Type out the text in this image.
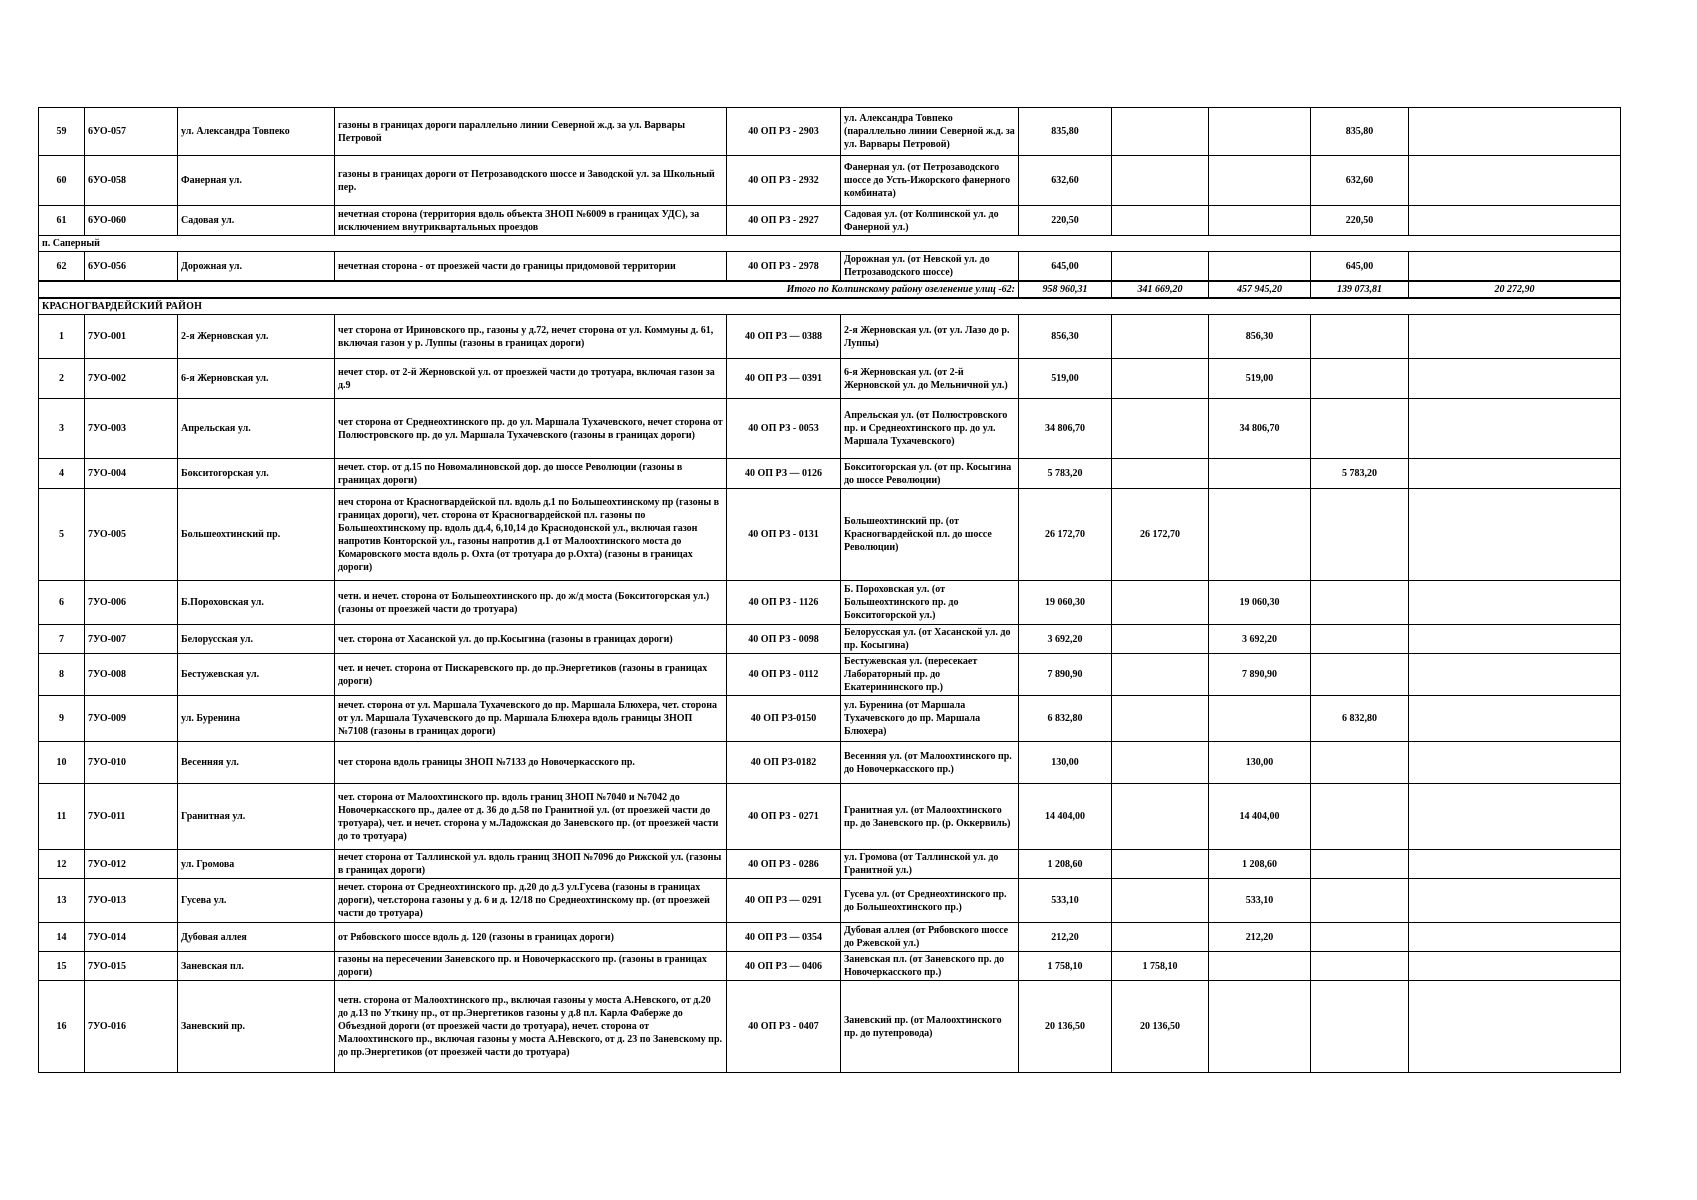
59	6УО-057	ул. Александра Товпеко	газоны в границах дороги параллельно линии Северной ж.д. за ул. Варвары Петровой	40 ОП РЗ - 2903	ул. Александра Товпеко (параллельно линии Северной ж.д. за ул. Варвары Петровой)	835,80			835,80	
60	6УО-058	Фанерная ул.	газоны в границах дороги от Петрозаводского шоссе и Заводской ул. за Школьный пер.	40 ОП РЗ - 2932	Фанерная ул. (от Петрозаводского шоссе до Усть-Ижорского фанерного комбината)	632,60			632,60	
61	6УО-060	Садовая ул.	нечетная сторона (территория вдоль объекта ЗНОП №6009 в границах УДС), за исключением внутриквартальных проездов	40 ОП РЗ - 2927	Садовая ул. (от Колпинской ул. до Фанерной ул.)	220,50			220,50	
п. Саперный										
62	6УО-056	Дорожная ул.	нечетная сторона - от проезжей части до границы придомовой территории	40 ОП РЗ - 2978	Дорожная ул. (от Невской ул. до Петрозаводского шоссе)	645,00			645,00	
Итого по Колпинскому району озеленение улиц -62:						958 960,31	341 669,20	457 945,20	139 073,81	20 272,90
КРАСНОГВАРДЕЙСКИЙ РАЙОН										
1	7УО-001	2-я Жерновская ул.	чет сторона от Ириновского пр., газоны у д.72, нечет сторона от ул. Коммуны д. 61, включая газон у р. Луппы (газоны в границах дороги)	40 ОП РЗ — 0388	2-я Жерновская ул. (от ул. Лазо до р. Луппы)	856,30		856,30		
2	7УО-002	6-я Жерновская ул.	нечет стор. от 2-й Жерновской ул. от проезжей части до тротуара, включая газон за д.9	40 ОП РЗ — 0391	6-я Жерновская ул. (от 2-й Жерновской ул. до Мельничной ул.)	519,00		519,00		
3	7УО-003	Апрельская ул.	чет сторона от Среднеохтинского пр. до ул. Маршала Тухачевского, нечет сторона от Полюстровского пр. до ул. Маршала Тухачевского (газоны в границах дороги)	40 ОП РЗ - 0053	Апрельская ул. (от Полюстровского пр. и Среднеохтинского пр. до ул. Маршала Тухачевского)	34 806,70		34 806,70		
4	7УО-004	Бокситогорская ул.	нечет. стор. от д.15 по Новомалиновской дор. до шоссе Революции (газоны в границах дороги)	40 ОП РЗ — 0126	Бокситогорская ул. (от пр. Косыгина до шоссе Революции)	5 783,20			5 783,20	
5	7УО-005	Большеохтинский пр.	неч сторона от Красногвардейской пл. вдоль д.1 по Большеохтинскому пр (газоны в границах дороги), чет. сторона от Красногвардейской пл. газоны по Большеохтинскому пр. вдоль дд.4, 6,10,14 до Краснодонской ул., включая газон напротив Конторской ул., газоны напротив д.1 от Малоохтинского моста до Комаровского моста вдоль р. Охта (от тротуара до р.Охта) (газоны в границах дороги)	40 ОП РЗ - 0131	Большеохтинский пр. (от Красногвардейской пл. до шоссе Революции)	26 172,70	26 172,70			
6	7УО-006	Б.Пороховская ул.	четн. и нечет. сторона от Большеохтинского пр. до ж/д моста (Бокситогорская ул.) (газоны от проезжей части до тротуара)	40 ОП РЗ - 1126	Б. Пороховская ул. (от Большеохтинского пр. до Бокситогорской ул.)	19 060,30		19 060,30		
7	7УО-007	Белорусская ул.	чет. сторона от Хасанской ул. до пр.Косыгина (газоны в границах дороги)	40 ОП РЗ - 0098	Белорусская ул. (от Хасанской ул. до пр. Косыгина)	3 692,20		3 692,20		
8	7УО-008	Бестужевская ул.	чет. и нечет. сторона от Пискаревского пр. до пр.Энергетиков (газоны в границах дороги)	40 ОП РЗ - 0112	Бестужевская ул. (пересекает Лабораторный пр. до Екатерининского пр.)	7 890,90		7 890,90		
9	7УО-009	ул. Буренина	нечет. сторона от ул. Маршала Тухачевского до пр. Маршала Блюхера, чет. сторона от ул. Маршала Тухачевского до пр. Маршала Блюхера вдоль границы ЗНОП №7108 (газоны в границах дороги)	40 ОП РЗ-0150	ул. Буренина (от Маршала Тухачевского до пр. Маршала Блюхера)	6 832,80			6 832,80	
10	7УО-010	Весенняя ул.	чет сторона вдоль границы ЗНОП №7133 до Новочеркасского пр.	40 ОП РЗ-0182	Весенняя ул. (от Малоохтинского пр. до Новочеркасского пр.)	130,00		130,00		
11	7УО-011	Гранитная ул.	чет. сторона от Малоохтинского пр. вдоль границ ЗНОП №7040 и №7042 до Новочеркасского пр., далее от д. 36 до д.58 по Гранитной ул. (от проезжей части до тротуара), чет. и нечет. сторона у м.Ладожская до Заневского пр. (от проезжей части до то тротуара)	40 ОП РЗ - 0271	Гранитная ул. (от Малоохтинского пр. до Заневского пр. (р. Оккервиль)	14 404,00		14 404,00		
12	7УО-012	ул. Громова	нечет сторона от Таллинской ул. вдоль границ ЗНОП №7096 до Рижской ул. (газоны в границах дороги)	40 ОП РЗ - 0286	ул. Громова (от Таллинской ул. до Гранитной ул.)	1 208,60		1 208,60		
13	7УО-013	Гусева ул.	нечет. сторона от Среднеохтинского пр. д.20 до д.3 ул.Гусева (газоны в границах дороги), чет.сторона газоны у д. 6 и д. 12/18 по Среднеохтинскому пр. (от проезжей части до тротуара)	40 ОП РЗ — 0291	Гусева ул. (от Среднеохтинского пр. до Большеохтинского пр.)	533,10		533,10		
14	7УО-014	Дубовая аллея	от Рябовского шоссе вдоль д. 120 (газоны в границах дороги)	40 ОП РЗ — 0354	Дубовая аллея (от Рябовского шоссе до Ржевской ул.)	212,20		212,20		
15	7УО-015	Заневская пл.	газоны на пересечении Заневского пр. и Новочеркасского пр. (газоны в границах дороги)	40 ОП РЗ — 0406	Заневская пл. (от Заневского пр. до Новочеркасского пр.)	1 758,10	1 758,10			
16	7УО-016	Заневский пр.	четн. сторона от Малоохтинского пр., включая газоны у моста А.Невского, от д.20 до д.13 по Уткину пр., от пр.Энергетиков газоны у д.8 пл. Карла Фаберже до Объездной дороги (от проезжей части до тротуара), нечет. сторона от Малоохтинского пр., включая газоны у моста А.Невского, от д. 23 по Заневскому пр. до пр.Энергетиков (от проезжей части до тротуара)	40 ОП РЗ - 0407	Заневский пр. (от Малоохтинского пр. до путепровода)	20 136,50	20 136,50			
